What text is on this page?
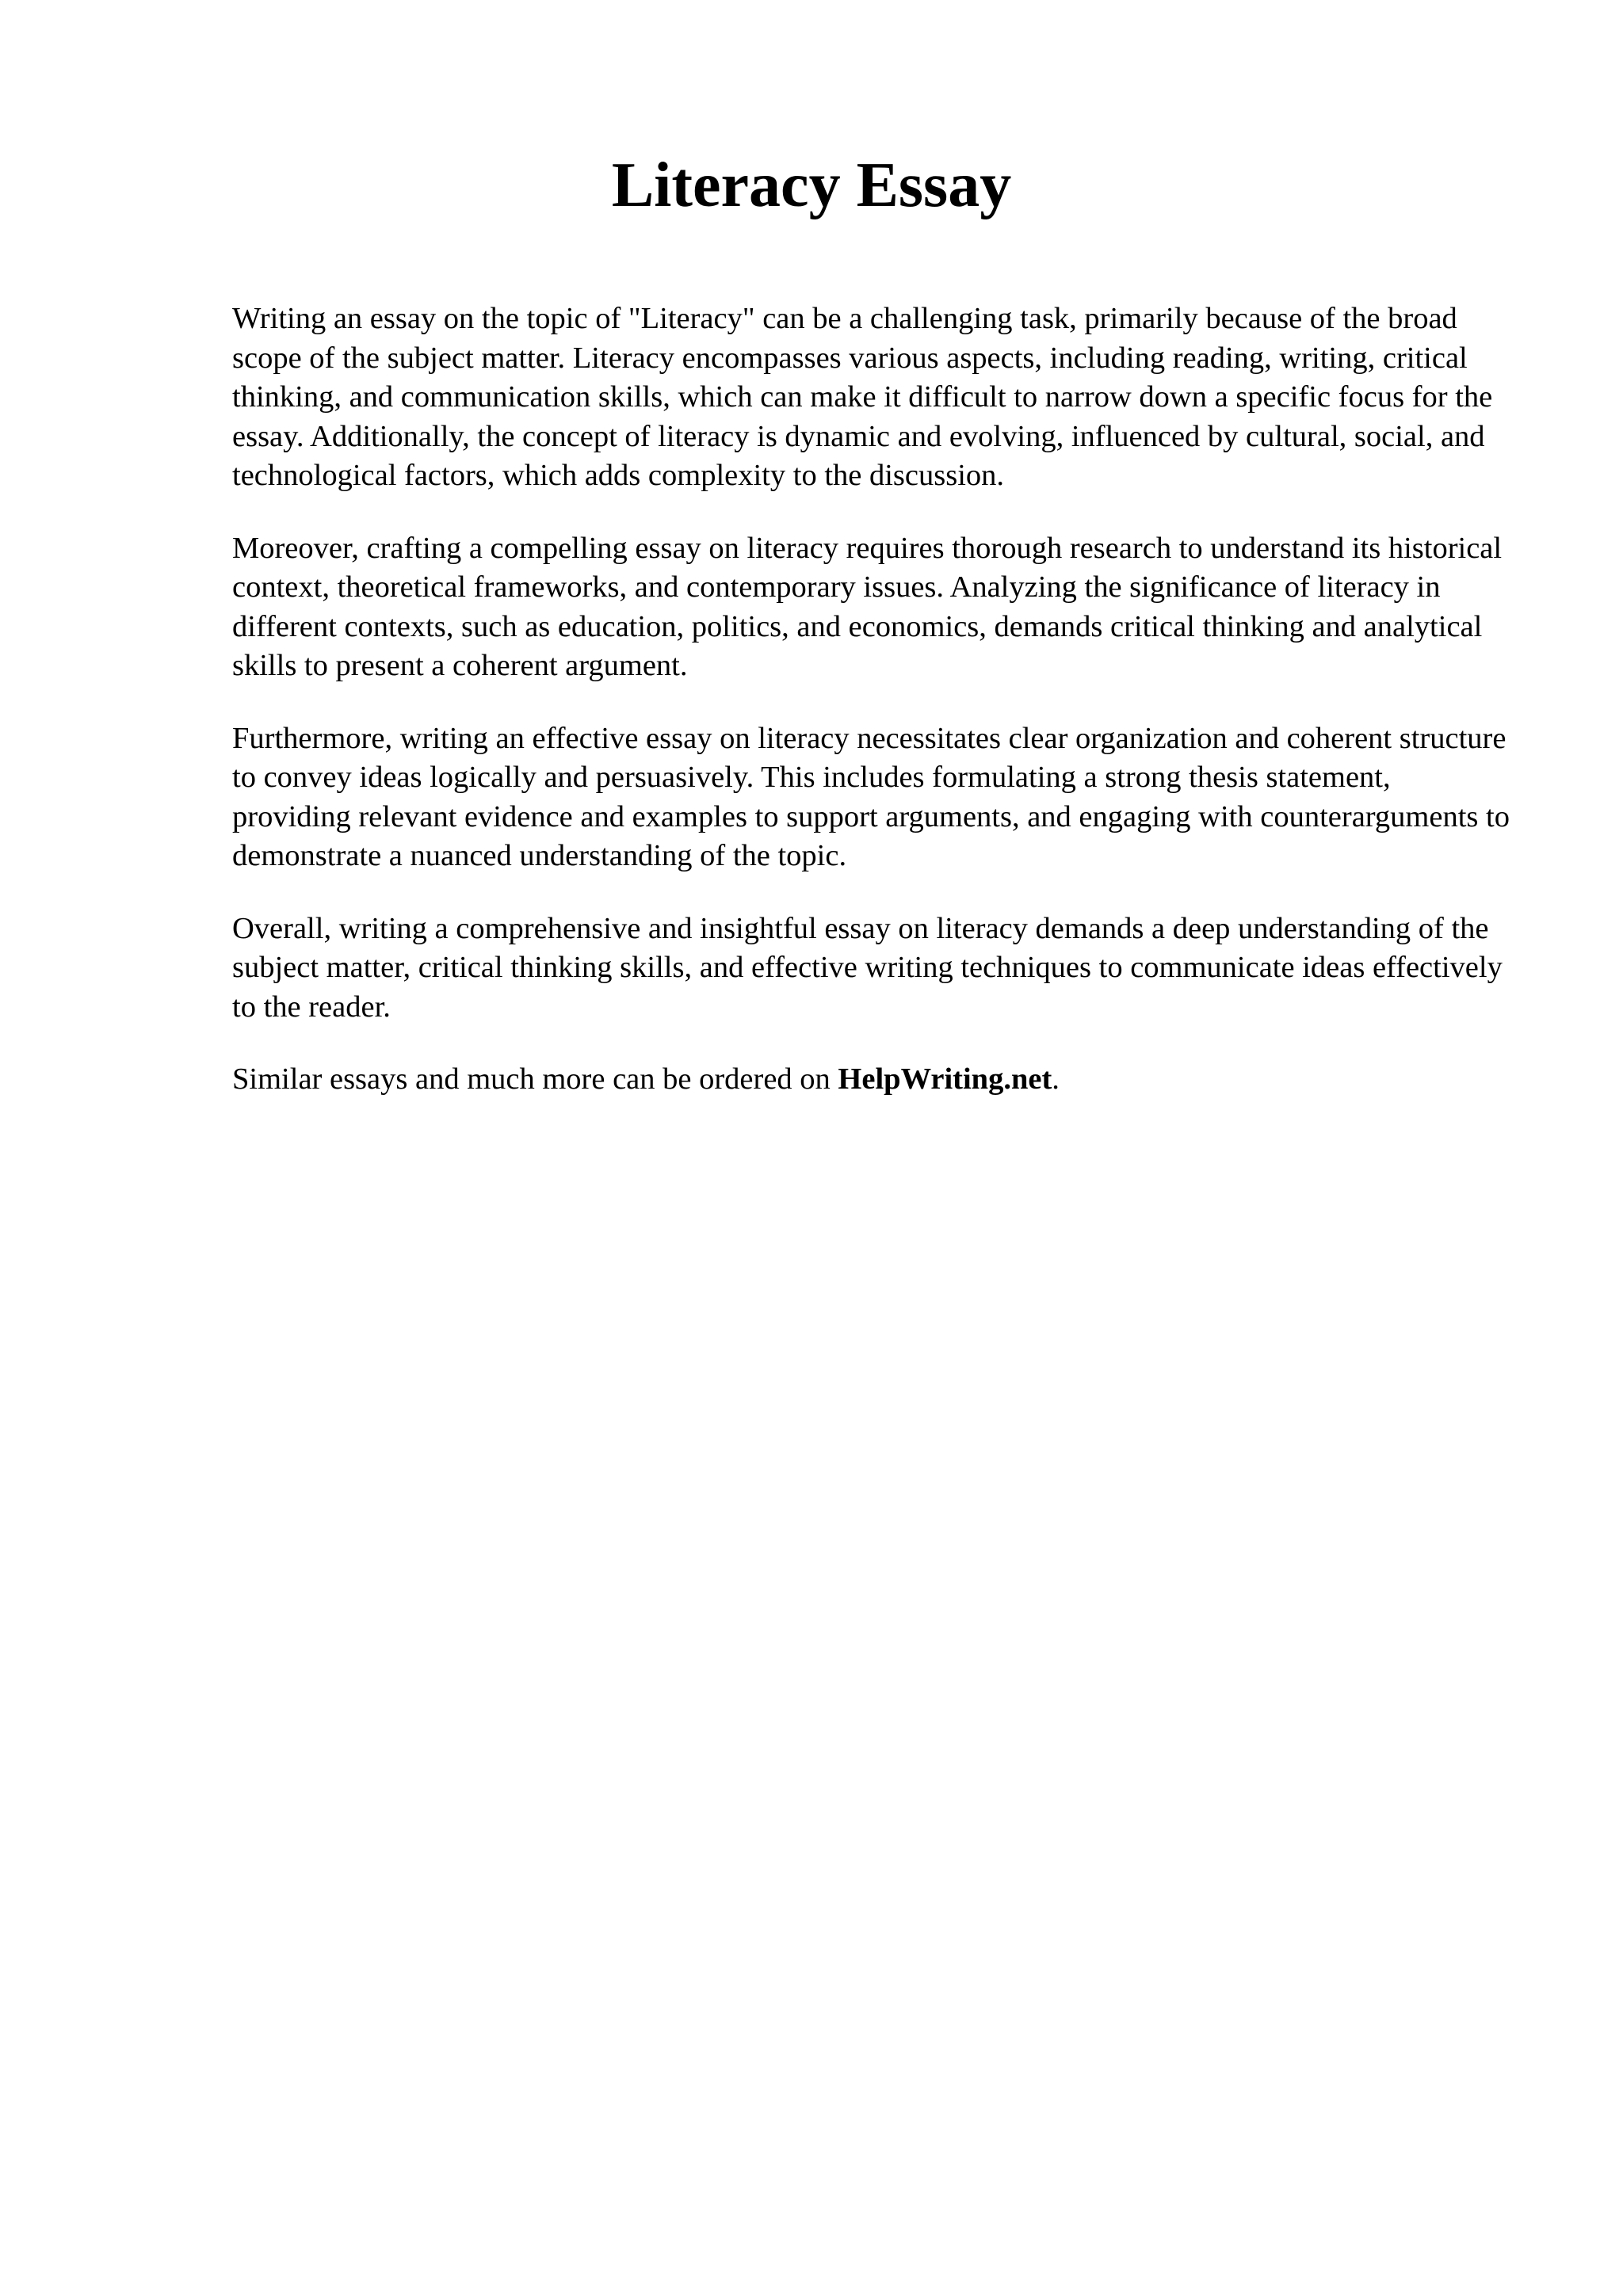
Literacy Essay

Writing an essay on the topic of "Literacy" can be a challenging task, primarily because of the broad scope of the subject matter. Literacy encompasses various aspects, including reading, writing, critical thinking, and communication skills, which can make it difficult to narrow down a specific focus for the essay. Additionally, the concept of literacy is dynamic and evolving, influenced by cultural, social, and technological factors, which adds complexity to the discussion.

Moreover, crafting a compelling essay on literacy requires thorough research to understand its historical context, theoretical frameworks, and contemporary issues. Analyzing the significance of literacy in different contexts, such as education, politics, and economics, demands critical thinking and analytical skills to present a coherent argument.

Furthermore, writing an effective essay on literacy necessitates clear organization and coherent structure to convey ideas logically and persuasively. This includes formulating a strong thesis statement, providing relevant evidence and examples to support arguments, and engaging with counterarguments to demonstrate a nuanced understanding of the topic.

Overall, writing a comprehensive and insightful essay on literacy demands a deep understanding of the subject matter, critical thinking skills, and effective writing techniques to communicate ideas effectively to the reader.

Similar essays and much more can be ordered on HelpWriting.net.
